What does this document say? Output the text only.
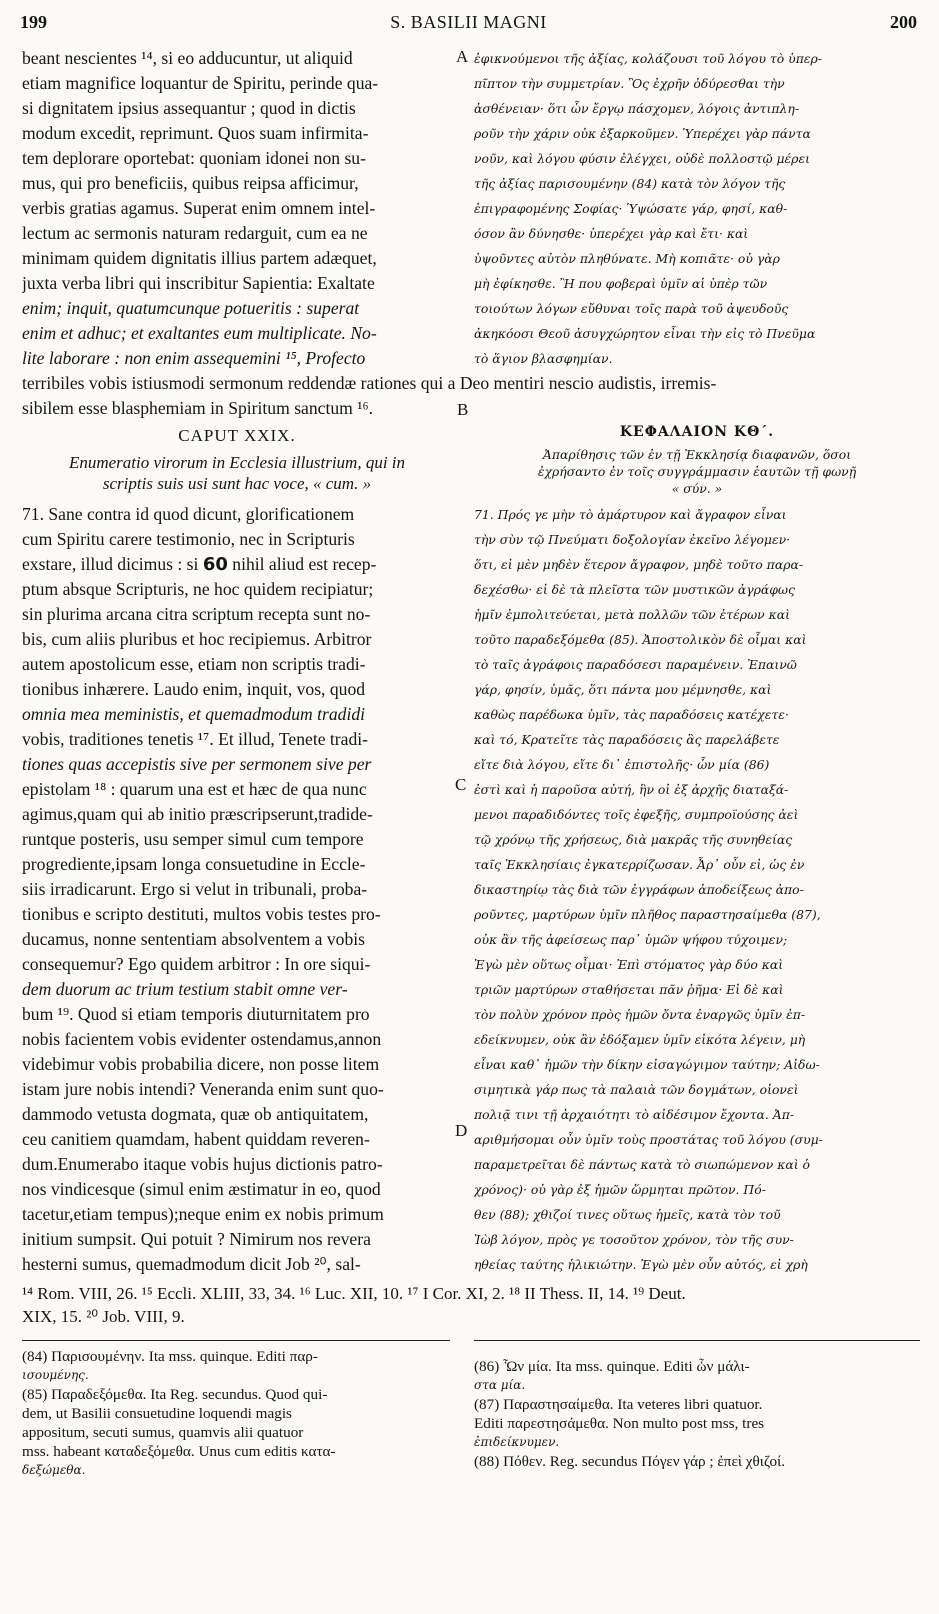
199	S. BASILII MAGNI	200
A
B
C
D
beant nescientes ¹⁴, si eo adducuntur, ut aliquid
etiam magnifice loquantur de Spiritu, perinde qua-
si dignitatem ipsius assequantur ; quod in dictis
modum excedit, reprimunt. Quos suam infirmita-
tem deplorare oportebat: quoniam idonei non su-
mus, qui pro beneficiis, quibus reipsa afficimur,
verbis gratias agamus. Superat enim omnem intel-
lectum ac sermonis naturam redarguit, cum ea ne
minimam quidem dignitatis illius partem adæquet,
juxta verba libri qui inscribitur Sapientia: Exaltate
enim; inquit, quatumcunque potueritis : superat
enim et adhuc; et exaltantes eum multiplicate. No-
lite laborare : non enim assequemini ¹⁵, Profecto
ἐφικνούμενοι τῆς ἀξίας, κολάζουσι τοῦ λόγου τὸ ὑπερ-
πῖπτον τὴν συμμετρίαν. Ὃς ἐχρῆν ὀδύρεσθαι τὴν
ἀσθένειαν· ὅτι ὧν ἔργῳ πάσχομεν, λόγοις ἀντιπλη-
ροῦν τὴν χάριν οὐκ ἐξαρκοῦμεν. Ὑπερέχει γὰρ πάντα
νοῦν, καὶ λόγου φύσιν ἐλέγχει, οὐδὲ πολλοστῷ μέρει
τῆς ἀξίας παρισουμένην (84) κατὰ τὸν λόγον τῆς
ἐπιγραφομένης Σοφίας· Ὑψώσατε γάρ, φησί, καθ-
όσον ἂν δύνησθε· ὑπερέχει γὰρ καὶ ἔτι· καὶ
ὑψοῦντες αὐτὸν πληθύνατε. Μὴ κοπιᾶτε· οὐ γὰρ
μὴ ἐφίκησθε. Ἢ που φοβεραὶ ὑμῖν αἱ ὑπὲρ τῶν
τοιούτων λόγων εὔθυναι τοῖς παρὰ τοῦ ἀψευδοῦς
ἀκηκόοσι Θεοῦ ἀσυγχώρητον εἶναι τὴν εἰς τὸ Πνεῦμα
τὸ ἅγιον βλασφημίαν.
terribiles vobis istiusmodi sermonum reddendæ rationes qui a Deo mentiri nescio audistis, irremis-
sibilem esse blasphemiam in Spiritum sanctum ¹⁶.
CAPUT XXIX.
Enumeratio virorum in Ecclesia illustrium, qui in
scriptis suis usi sunt hac voce, « cum. »
ΚΕΦΑΛΑΙΟΝ ΚΘ΄.
Ἀπαρίθησις τῶν ἐν τῇ Ἐκκλησίᾳ διαφανῶν, ὅσοι
ἐχρήσαντο ἐν τοῖς συγγράμμασιν ἑαυτῶν τῇ φωνῇ
« σύν. »
71. Sane contra id quod dicunt, glorificationem
cum Spiritu carere testimonio, nec in Scripturis
exstare, illud dicimus : si 60 nihil aliud est recep-
ptum absque Scripturis, ne hoc quidem recipiatur;
sin plurima arcana citra scriptum recepta sunt no-
bis, cum aliis pluribus et hoc recipiemus. Arbitror
autem apostolicum esse, etiam non scriptis tradi-
tionibus inhærere. Laudo enim, inquit, vos, quod
omnia mea meministis, et quemadmodum tradidi
vobis, traditiones tenetis ¹⁷. Et illud, Tenete tradi-
tiones quas accepistis sive per sermonem sive per
epistolam ¹⁸ : quarum una est et hæc de qua nunc
agimus,quam qui ab initio præscripserunt,tradide-
runtque posteris, usu semper simul cum tempore
progrediente,ipsam longa consuetudine in Eccle-
siis irradicarunt. Ergo si velut in tribunali, proba-
tionibus e scripto destituti, multos vobis testes pro-
ducamus, nonne sententiam absolventem a vobis
consequemur? Ego quidem arbitror : In ore siqui-
dem duorum ac trium testium stabit omne ver-
bum ¹⁹. Quod si etiam temporis diuturnitatem pro
nobis facientem vobis evidenter ostendamus,annon
videbimur vobis probabilia dicere, non posse litem
istam jure nobis intendi? Veneranda enim sunt quo-
dammodo vetusta dogmata, quæ ob antiquitatem,
ceu canitiem quamdam, habent quiddam reveren-
dum.Enumerabo itaque vobis hujus dictionis patro-
nos vindicesque (simul enim æstimatur in eo, quod
tacetur,etiam tempus);neque enim ex nobis primum
initium sumpsit. Qui potuit ? Nimirum nos revera
hesterni sumus, quemadmodum dicit Job ²⁰, sal-
71. Πρός γε μὴν τὸ ἀμάρτυρον καὶ ἄγραφον εἶναι
τὴν σὺν τῷ Πνεύματι δοξολογίαν ἐκεῖνο λέγομεν·
ὅτι, εἰ μὲν μηδὲν ἕτερον ἄγραφον, μηδὲ τοῦτο παρα-
δεχέσθω· εἰ δὲ τὰ πλεῖστα τῶν μυστικῶν ἀγράφως
ἡμῖν ἐμπολιτεύεται, μετὰ πολλῶν τῶν ἑτέρων καὶ
τοῦτο παραδεξόμεθα (85). Ἀποστολικὸν δὲ οἶμαι καὶ
τὸ ταῖς ἀγράφοις παραδόσεσι παραμένειν. Ἐπαινῶ
γάρ, φησίν, ὑμᾶς, ὅτι πάντα μου μέμνησθε, καὶ
καθὼς παρέδωκα ὑμῖν, τὰς παραδόσεις κατέχετε·
καὶ τό, Κρατεῖτε τὰς παραδόσεις ἃς παρελάβετε
εἴτε διὰ λόγου, εἴτε δι᾽ ἐπιστολῆς· ὧν μία (86)
ἐστὶ καὶ ἡ παροῦσα αὐτή, ἣν οἱ ἐξ ἀρχῆς διαταξά-
μενοι παραδιδόντες τοῖς ἐφεξῆς, συμπροϊούσης ἀεὶ
τῷ χρόνῳ τῆς χρήσεως, διὰ μακρᾶς τῆς συνηθείας
ταῖς Ἐκκλησίαις ἐγκατερρίζωσαν. Ἆρ᾽ οὖν εἰ, ὡς ἐν
δικαστηρίῳ τὰς διὰ τῶν ἐγγράφων ἀποδείξεως ἀπο-
ροῦντες, μαρτύρων ὑμῖν πλῆθος παραστησαίμεθα (87),
οὐκ ἂν τῆς ἀφείσεως παρ᾽ ὑμῶν ψήφου τύχοιμεν;
Ἐγὼ μὲν οὕτως οἶμαι· Ἐπὶ στόματος γὰρ δύο καὶ
τριῶν μαρτύρων σταθήσεται πᾶν ῥῆμα· Εἰ δὲ καὶ
τὸν πολὺν χρόνον πρὸς ἡμῶν ὄντα ἐναργῶς ὑμῖν ἐπ-
εδείκνυμεν, οὐκ ἂν ἐδόξαμεν ὑμῖν εἰκότα λέγειν, μὴ
εἶναι καθ᾽ ἡμῶν τὴν δίκην εἰσαγώγιμον ταύτην; Αἰδω-
σιμητικὰ γάρ πως τὰ παλαιὰ τῶν δογμάτων, οἱονεὶ
πολιᾷ τινι τῇ ἀρχαιότητι τὸ αἰδέσιμον ἔχοντα. Ἀπ-
αριθμήσομαι οὖν ὑμῖν τοὺς προστάτας τοῦ λόγου (συμ-
παραμετρεῖται δὲ πάντως κατὰ τὸ σιωπώμενον καὶ ὁ
χρόνος)· οὐ γὰρ ἐξ ἡμῶν ὥρμηται πρῶτον. Πό-
θεν (88); χθιζοί τινες οὕτως ἡμεῖς, κατὰ τὸν τοῦ
Ἰὼβ λόγον, πρὸς γε τοσοῦτον χρόνον, τὸν τῆς συν-
ηθείας ταύτης ἡλικιώτην. Ἐγὼ μὲν οὖν αὐτός, εἰ χρὴ
¹⁴ Rom. VIII, 26. ¹⁵ Eccli. XLIII, 33, 34. ¹⁶ Luc. XII, 10. ¹⁷ I Cor. XI, 2. ¹⁸ II Thess. II, 14. ¹⁹ Deut.
XIX, 15. ²⁰ Job. VIII, 9.
(84) Παρισουμένην. Ita mss. quinque. Editi παρ-
ισουμένης.
(85) Παραδεξόμεθα. Ita Reg. secundus. Quod qui-
dem, ut Basilii consuetudine loquendi magis
appositum, secuti sumus, quamvis alii quatuor
mss. habeant καταδεξόμεθα. Unus cum editis κατα-
δεξώμεθα.
(86) Ὧν μία. Ita mss. quinque. Editi ὧν μάλι-
στα μία.
(87) Παραστησαίμεθα. Ita veteres libri quatuor.
Editi παρεστησάμεθα. Non multo post mss, tres
ἐπιδείκνυμεν.
(88) Πόθεν. Reg. secundus Πόγεν γάρ ; ἐπεὶ χθιζοί.
